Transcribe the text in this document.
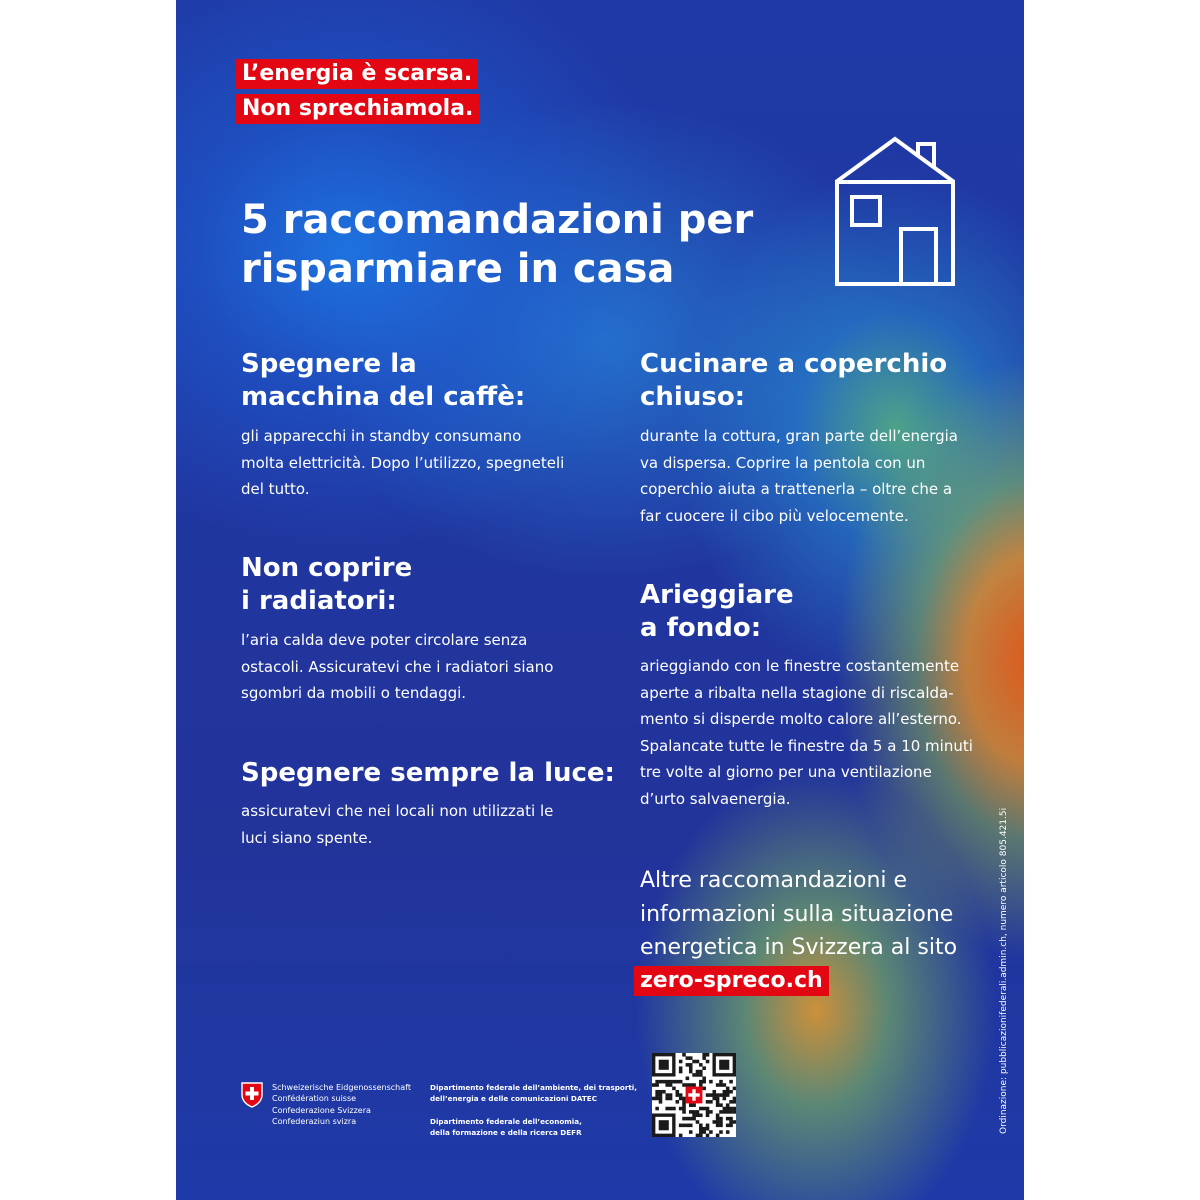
L’energia è scarsa.
Non sprechiamola.
5 raccomandazioni per
risparmiare in casa
Spegnere la
macchina del caffè:

gli apparecchi in standby consumano
molta elettricità. Dopo l’utilizzo, spegneteli
del tutto.

Non coprire
i radiatori:

l’aria calda deve poter circolare senza
ostacoli. Assicuratevi che i radiatori siano
sgombri da mobili o tendaggi.

Spegnere sempre la luce:

assicuratevi che nei locali non utilizzati le
luci siano spente.

Cucinare a coperchio
chiuso:

durante la cottura, gran parte dell’energia
va dispersa. Coprire la pentola con un
coperchio aiuta a trattenerla – oltre che a
far cuocere il cibo più velocemente.

Arieggiare
a fondo:

arieggiando con le finestre costantemente
aperte a ribalta nella stagione di riscalda-
mento si disperde molto calore all’esterno.
Spalancate tutte le finestre da 5 a 10 minuti
tre volte al giorno per una ventilazione
d’urto salvaenergia.

Altre raccomandazioni e
informazioni sulla situazione
energetica in Svizzera al sito

zero-spreco.ch	Ordinazione: pubblicazionifederali.admin.ch, numero articolo 805.421.5i

Schweizerische Eidgenossenschaft
Confédération suisse
Confederazione Svizzera
Confederaziun svizra

Dipartimento federale dell’ambiente, dei trasporti,
dell’energia e delle comunicazioni DATEC

Dipartimento federale dell’economia,
della formazione e della ricerca DEFR
